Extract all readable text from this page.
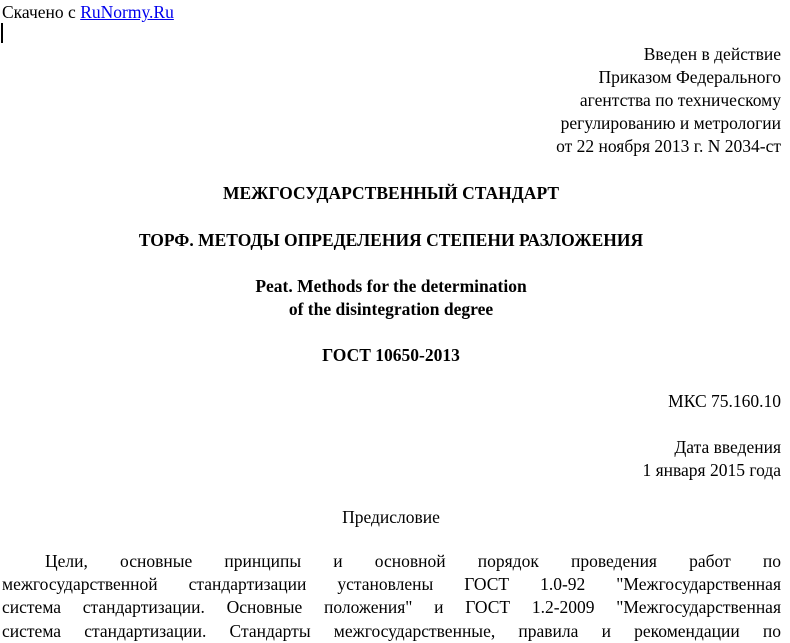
Скачено с RuNormy.Ru
Введен в действие
Приказом Федерального
агентства по техническому
регулированию и метрологии
от 22 ноября 2013 г. N 2034-ст
МЕЖГОСУДАРСТВЕННЫЙ СТАНДАРТ
ТОРФ. МЕТОДЫ ОПРЕДЕЛЕНИЯ СТЕПЕНИ РАЗЛОЖЕНИЯ
Peat. Methods for the determination
of the disintegration degree
ГОСТ 10650-2013
МКС 75.160.10
Дата введения
1 января 2015 года
Предисловие
Цели, основные принципы и основной порядок проведения работ по
межгосударственной стандартизации установлены ГОСТ 1.0-92 "Межгосударственная
система стандартизации. Основные положения" и ГОСТ 1.2-2009 "Межгосударственная
система стандартизации. Стандарты межгосударственные, правила и рекомендации по
